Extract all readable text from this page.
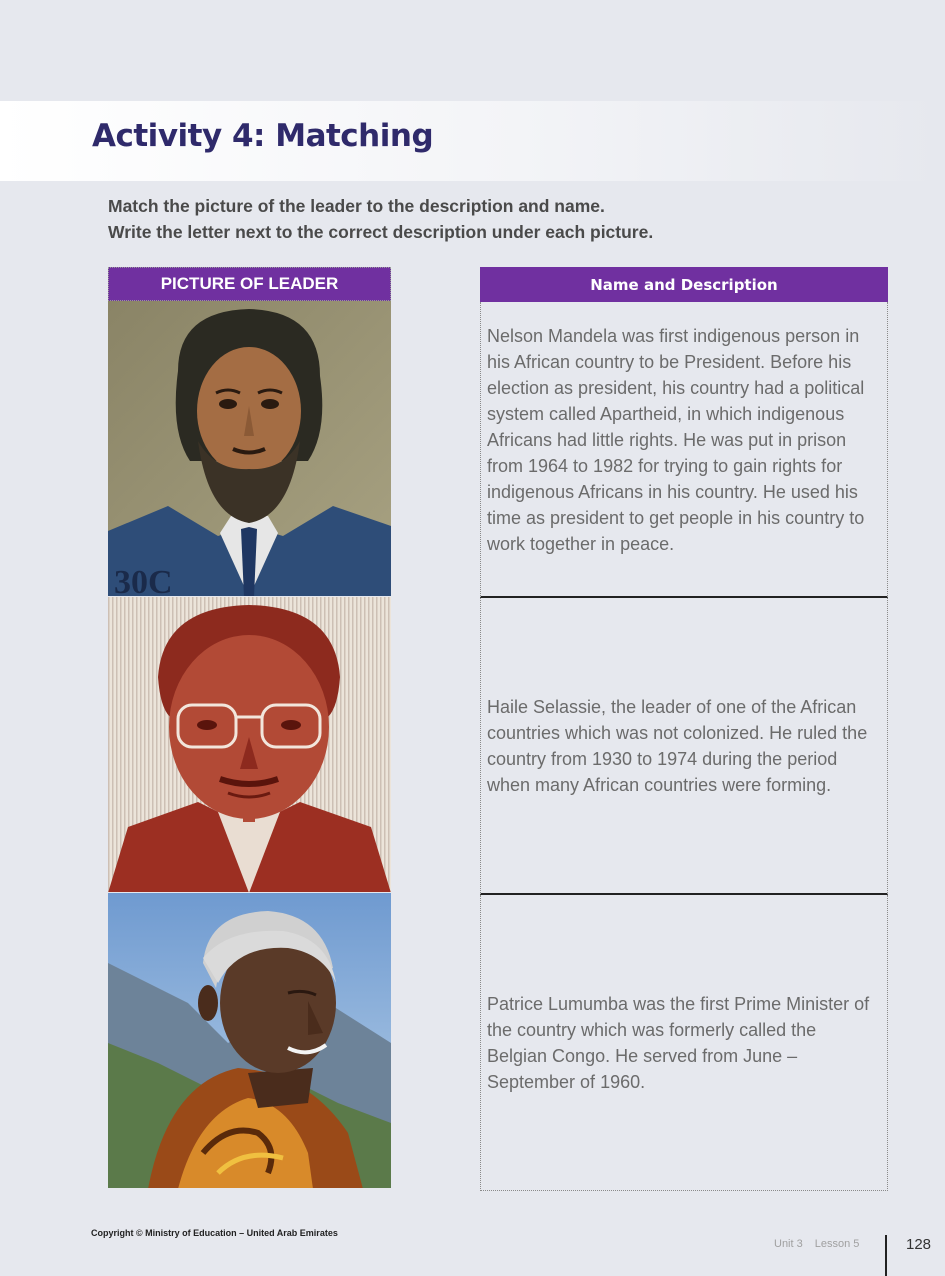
Activity 4: Matching
Match the picture of the leader to the description and name.
Write the letter next to the correct description under each picture.
PICTURE OF LEADER
30C
Name and Description

Nelson Mandela was first indigenous person in his African country to be President. Before his election as president, his country had a political system called Apartheid, in which indigenous Africans had little rights. He was put in prison from 1964 to 1982 for trying to gain rights for indigenous Africans in his country. He used his time as president to get people in his country to work together in peace.

Haile Selassie, the leader of one of the African countries which was not colonized. He ruled the country from 1930 to 1974 during the period when many African countries were forming.

Patrice Lumumba was the first Prime Minister of the country which was formerly called the Belgian Congo. He served from June – September of 1960.

Copyright © Ministry of Education – United Arab Emirates
Unit 3 Lesson 5	128
